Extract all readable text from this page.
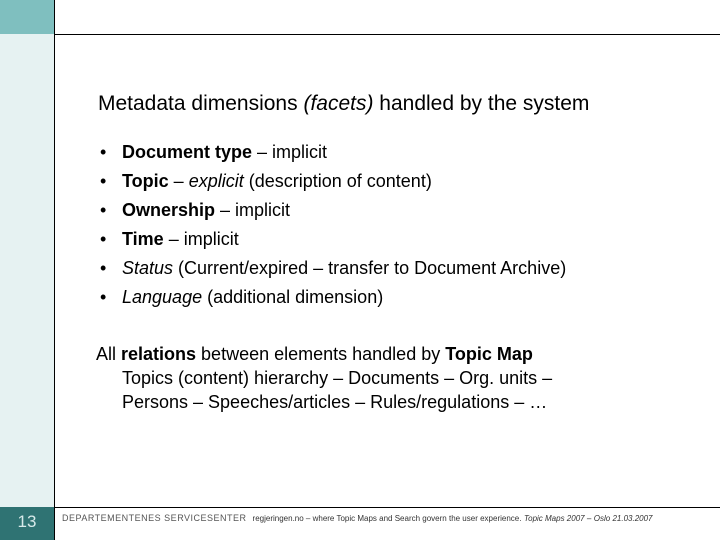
13
Metadata dimensions (facets) handled by the system
• Document type – implicit
• Topic – explicit (description of content)
• Ownership – implicit
• Time – implicit
• Status (Current/expired – transfer to Document Archive)
• Language (additional dimension)
All relations between elements handled by Topic Map
Topics (content) hierarchy – Documents – Org. units –
Persons – Speeches/articles – Rules/regulations – …
DEPARTEMENTENES SERVICESENTER regjeringen.no – where Topic Maps and Search govern the user experience. Topic Maps 2007 – Oslo 21.03.2007
